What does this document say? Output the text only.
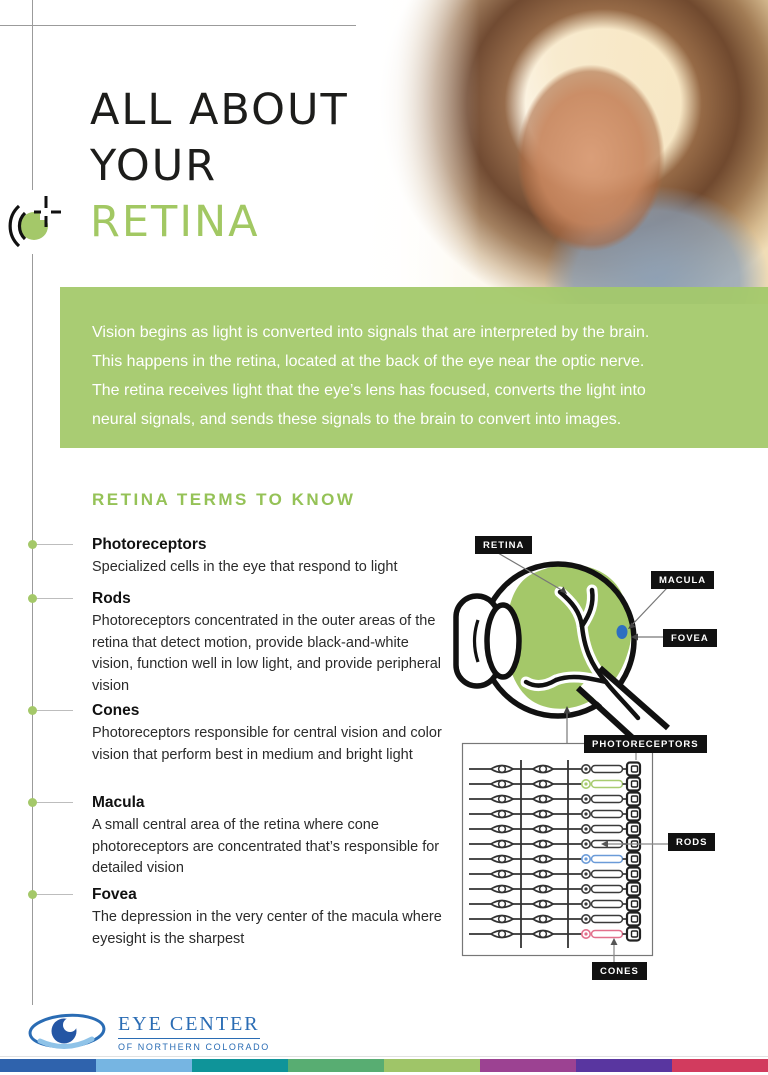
ALL ABOUT
YOUR
RETINA

Vision begins as light is converted into signals that are interpreted by the brain. This happens in the retina, located at the back of the eye near the optic nerve. The retina receives light that the eye’s lens has focused, converts the light into neural signals, and sends these signals to the brain to convert into images.

RETINA TERMS TO KNOW
Photoreceptors

Specialized cells in the eye that respond to light

Rods

Photoreceptors concentrated in the outer areas of the retina that detect motion, provide black-and-white vision, function well in low light, and provide peripheral vision

Cones

Photoreceptors responsible for central vision and color vision that perform best in medium and bright light

Macula

A small central area of the retina where cone photoreceptors are concentrated that’s responsible for detailed vision

Fovea

The depression in the very center of the macula where eyesight is the sharpest

RETINA
MACULA
FOVEA
PHOTORECEPTORS
RODS
CONES
EYE CENTER
OF NORTHERN COLORADO
